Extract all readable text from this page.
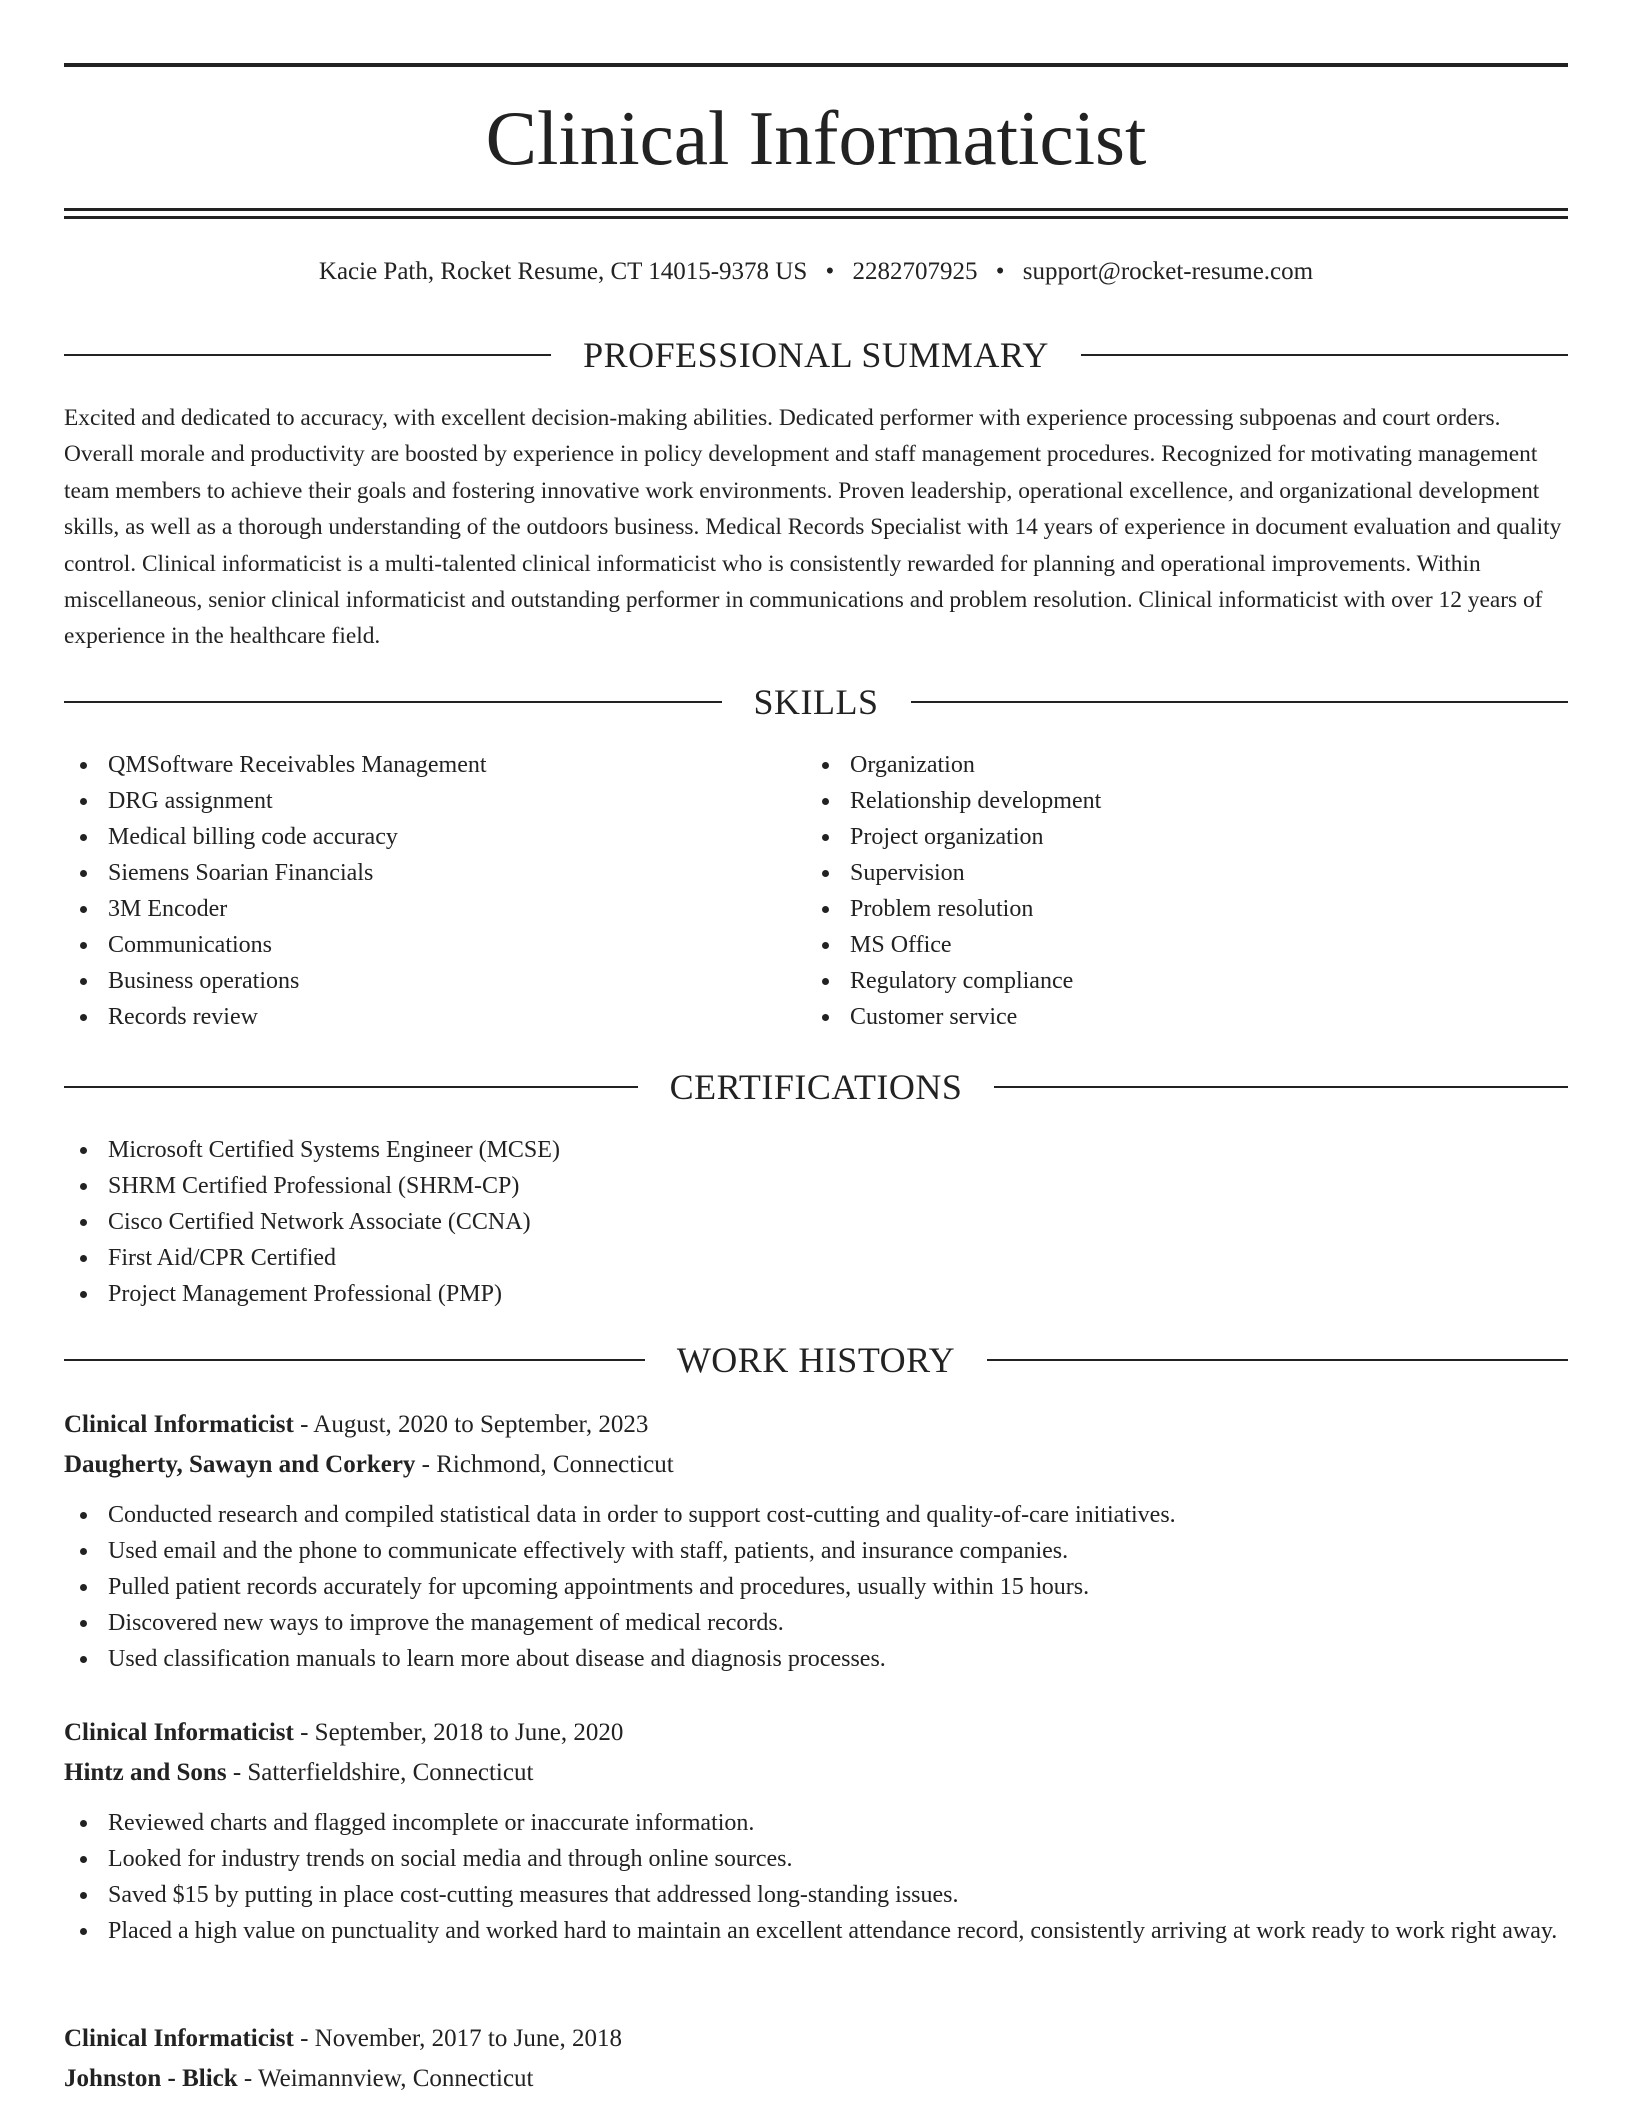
Clinical Informaticist
Kacie Path, Rocket Resume, CT 14015-9378 US • 2282707925 • support@rocket-resume.com
PROFESSIONAL SUMMARY

Excited and dedicated to accuracy, with excellent decision-making abilities. Dedicated performer with experience processing subpoenas and court orders. Overall morale and productivity are boosted by experience in policy development and staff management procedures. Recognized for motivating management team members to achieve their goals and fostering innovative work environments. Proven leadership, operational excellence, and organizational development skills, as well as a thorough understanding of the outdoors business. Medical Records Specialist with 14 years of experience in document evaluation and quality control. Clinical informaticist is a multi-talented clinical informaticist who is consistently rewarded for planning and operational improvements. Within miscellaneous, senior clinical informaticist and outstanding performer in communications and problem resolution. Clinical informaticist with over 12 years of experience in the healthcare field.

SKILLS
QMSoftware Receivables Management
DRG assignment
Medical billing code accuracy
Siemens Soarian Financials
3M Encoder
Communications
Business operations
Records review
Organization
Relationship development
Project organization
Supervision
Problem resolution
MS Office
Regulatory compliance
Customer service
CERTIFICATIONS
Microsoft Certified Systems Engineer (MCSE)
SHRM Certified Professional (SHRM-CP)
Cisco Certified Network Associate (CCNA)
First Aid/CPR Certified
Project Management Professional (PMP)
WORK HISTORY
Clinical Informaticist - August, 2020 to September, 2023
Daugherty, Sawayn and Corkery - Richmond, Connecticut
Conducted research and compiled statistical data in order to support cost-cutting and quality-of-care initiatives.
Used email and the phone to communicate effectively with staff, patients, and insurance companies.
Pulled patient records accurately for upcoming appointments and procedures, usually within 15 hours.
Discovered new ways to improve the management of medical records.
Used classification manuals to learn more about disease and diagnosis processes.
Clinical Informaticist - September, 2018 to June, 2020
Hintz and Sons - Satterfieldshire, Connecticut
Reviewed charts and flagged incomplete or inaccurate information.
Looked for industry trends on social media and through online sources.
Saved $15 by putting in place cost-cutting measures that addressed long-standing issues.
Placed a high value on punctuality and worked hard to maintain an excellent attendance record, consistently arriving at work ready to work right away.
Clinical Informaticist - November, 2017 to June, 2018
Johnston - Blick - Weimannview, Connecticut
